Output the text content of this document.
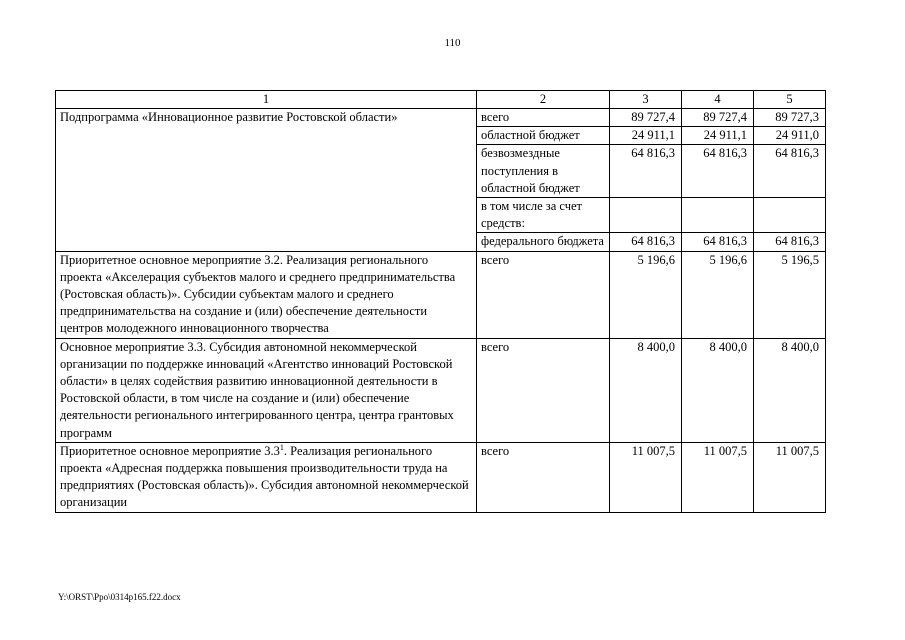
110
1	2	3	4	5
Подпрограмма «Инновационное развитие Ростовской области»	всего	89 727,4	89 727,4	89 727,3
	областной бюджет	24 911,1	24 911,1	24 911,0
	безвозмездные поступления в областной бюджет	64 816,3	64 816,3	64 816,3
	в том числе за счет средств:			
	федерального бюджета	64 816,3	64 816,3	64 816,3
Приоритетное основное мероприятие 3.2. Реализация регионального проекта «Акселерация субъектов малого и среднего предпринимательства (Ростовская область)». Субсидии субъектам малого и среднего предпринимательства на создание и (или) обеспечение деятельности центров молодежного инновационного творчества	всего	5 196,6	5 196,6	5 196,5
Основное мероприятие 3.3. Субсидия автономной некоммерческой организации по поддержке инноваций «Агентство инноваций Ростовской области» в целях содействия развитию инновационной деятельности в Ростовской области, в том числе на создание и (или) обеспечение деятельности регионального интегрированного центра, центра грантовых программ	всего	8 400,0	8 400,0	8 400,0
Приоритетное основное мероприятие $3.3^1$. Реализация регионального проекта «Адресная поддержка повышения производительности труда на предприятиях (Ростовская область)». Субсидия автономной некоммерческой организации	всего	11 007,5	11 007,5	11 007,5
Y:\ORST\Ppo\0314p165.f22.docx
